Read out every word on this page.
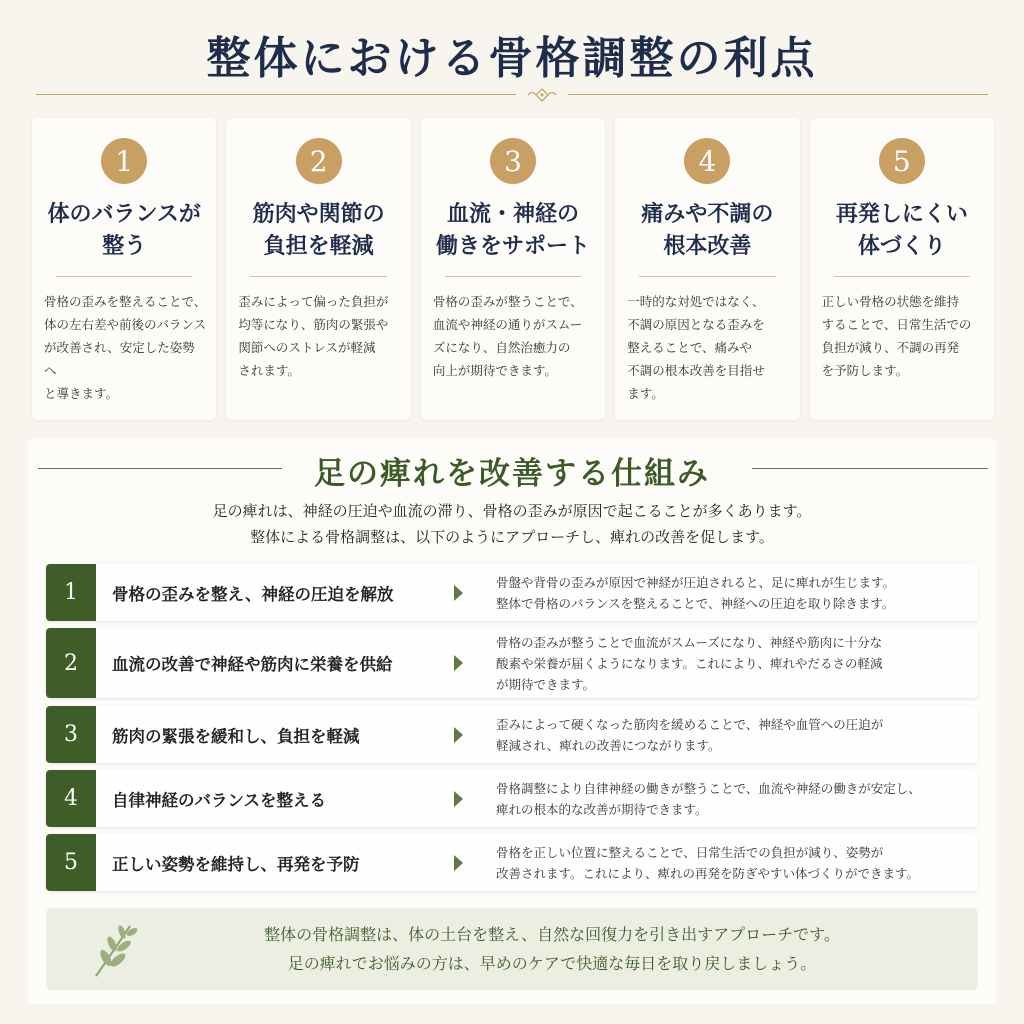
整体における骨格調整の利点
1
体のバランスが
整う
骨格の歪みを整えることで、
体の左右差や前後のバランス
が改善され、安定した姿勢へ
と導きます。
2
筋肉や関節の
負担を軽減
歪みによって偏った負担が
均等になり、筋肉の緊張や
関節へのストレスが軽減
されます。
3
血流・神経の
働きをサポート
骨格の歪みが整うことで、
血流や神経の通りがスムー
ズになり、自然治癒力の
向上が期待できます。
4
痛みや不調の
根本改善
一時的な対処ではなく、
不調の原因となる歪みを
整えることで、痛みや
不調の根本改善を目指せ
ます。
5
再発しにくい
体づくり
正しい骨格の状態を維持
することで、日常生活での
負担が減り、不調の再発
を予防します。
足の痺れを改善する仕組み

足の痺れは、神経の圧迫や血流の滞り、骨格の歪みが原因で起こることが多くあります。

整体による骨格調整は、以下のようにアプローチし、痺れの改善を促します。

1	骨格の歪みを整え、神経の圧迫を解放
骨盤や背骨の歪みが原因で神経が圧迫されると、足に痺れが生じます。
整体で骨格のバランスを整えることで、神経への圧迫を取り除きます。
2	血流の改善で神経や筋肉に栄養を供給
骨格の歪みが整うことで血流がスムーズになり、神経や筋肉に十分な
酸素や栄養が届くようになります。これにより、痺れやだるさの軽減
が期待できます。
3	筋肉の緊張を緩和し、負担を軽減
歪みによって硬くなった筋肉を緩めることで、神経や血管への圧迫が
軽減され、痺れの改善につながります。
4	自律神経のバランスを整える
骨格調整により自律神経の働きが整うことで、血流や神経の働きが安定し、
痺れの根本的な改善が期待できます。
5	正しい姿勢を維持し、再発を予防
骨格を正しい位置に整えることで、日常生活での負担が減り、姿勢が
改善されます。これにより、痺れの再発を防ぎやすい体づくりができます。
整体の骨格調整は、体の土台を整え、自然な回復力を引き出すアプローチです。
足の痺れでお悩みの方は、早めのケアで快適な毎日を取り戻しましょう。
